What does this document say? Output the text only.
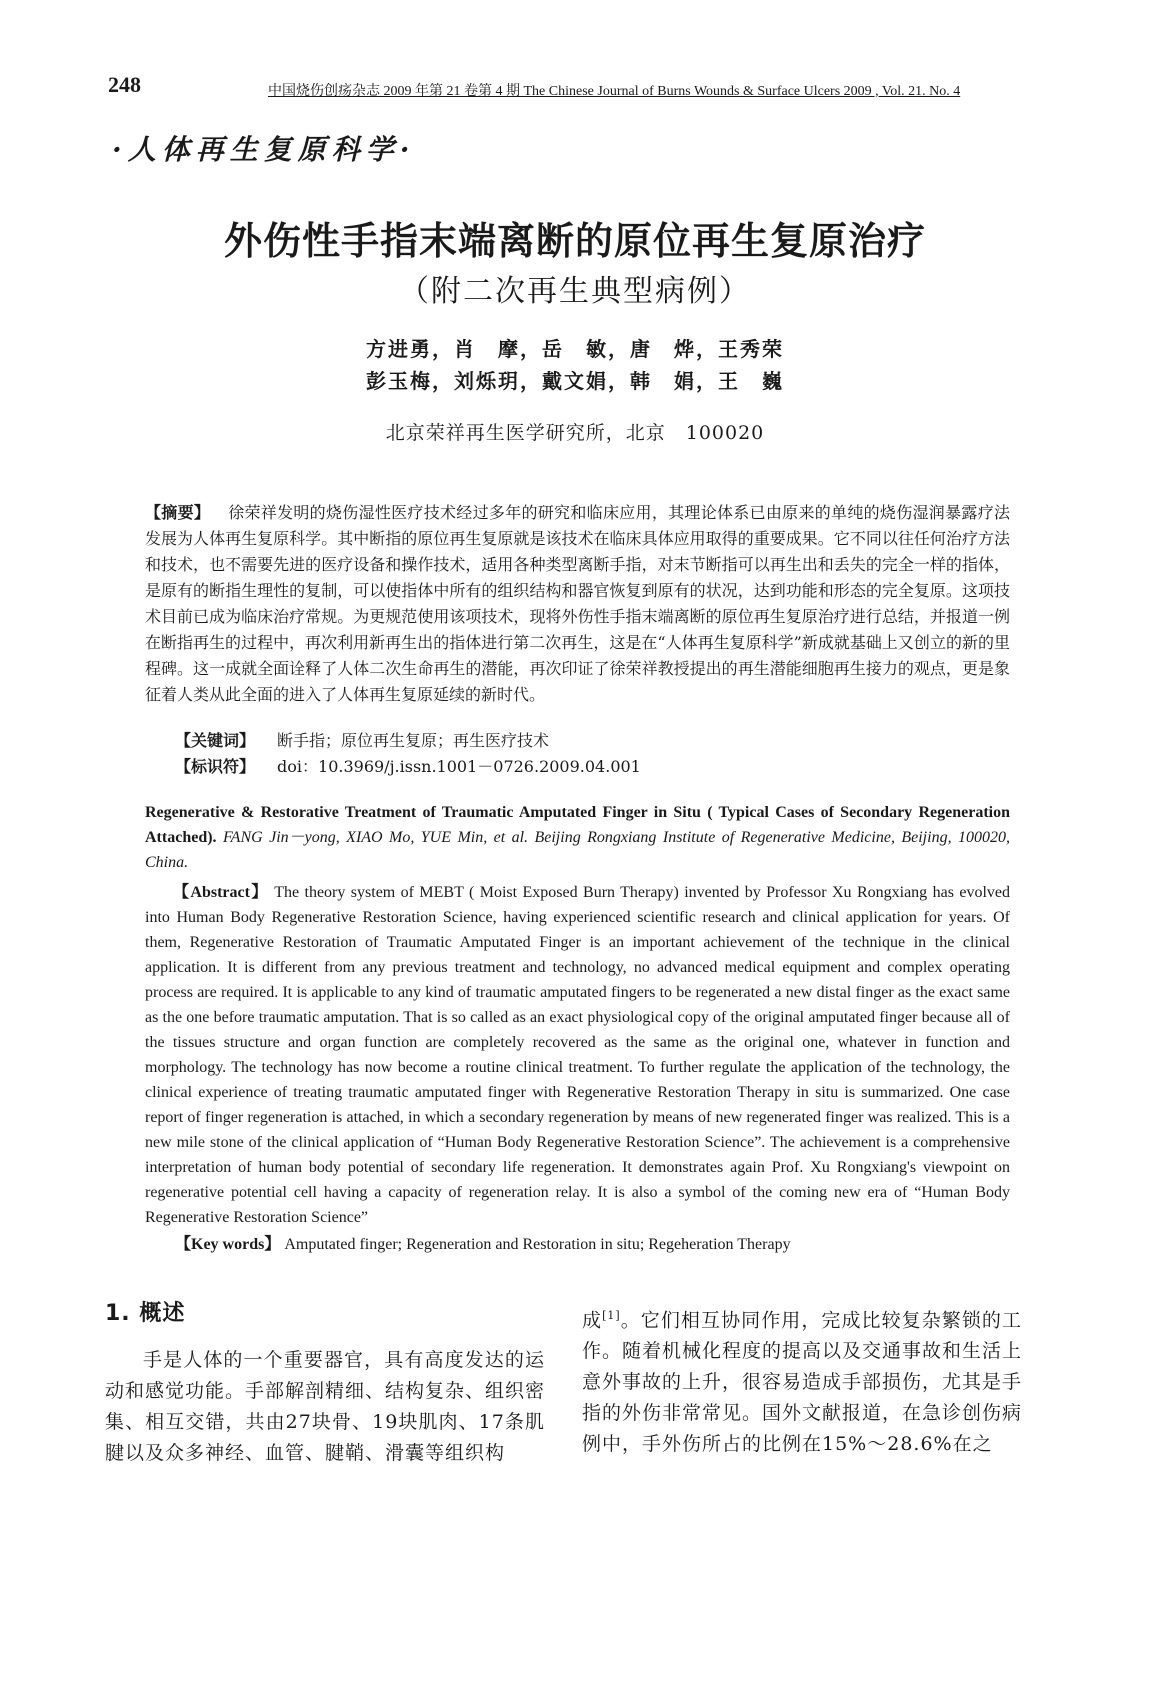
248	中国烧伤创疡杂志 2009 年第 21 卷第 4 期 The Chinese Journal of Burns Wounds & Surface Ulcers 2009 , Vol. 21. No. 4
·人体再生复原科学·
外伤性手指末端离断的原位再生复原治疗
（附二次再生典型病例）
方进勇，肖　摩，岳　敏，唐　烨，王秀荣
彭玉梅，刘烁玥，戴文娟，韩　娟，王　巍
北京荣祥再生医学研究所，北京　100020
【摘要】 徐荣祥发明的烧伤湿性医疗技术经过多年的研究和临床应用，其理论体系已由原来的单纯的烧伤湿润暴露疗法发展为人体再生复原科学。其中断指的原位再生复原就是该技术在临床具体应用取得的重要成果。它不同以往任何治疗方法和技术，也不需要先进的医疗设备和操作技术，适用各种类型离断手指，对末节断指可以再生出和丢失的完全一样的指体，是原有的断指生理性的复制，可以使指体中所有的组织结构和器官恢复到原有的状况，达到功能和形态的完全复原。这项技术目前已成为临床治疗常规。为更规范使用该项技术，现将外伤性手指末端离断的原位再生复原治疗进行总结，并报道一例在断指再生的过程中，再次利用新再生出的指体进行第二次再生，这是在“人体再生复原科学”新成就基础上又创立的新的里程碑。这一成就全面诠释了人体二次生命再生的潜能，再次印证了徐荣祥教授提出的再生潜能细胞再生接力的观点，更是象征着人类从此全面的进入了人体再生复原延续的新时代。
【关键词】 断手指；原位再生复原；再生医疗技术
【标识符】 doi：10.3969/j.issn.1001－0726.2009.04.001
Regenerative & Restorative Treatment of Traumatic Amputated Finger in Situ ( Typical Cases of Secondary Regeneration Attached). FANG Jin－yong, XIAO Mo, YUE Min, et al. Beijing Rongxiang Institute of Regenerative Medicine, Beijing, 100020, China.
【Abstract】 The theory system of MEBT ( Moist Exposed Burn Therapy) invented by Professor Xu Rongxiang has evolved into Human Body Regenerative Restoration Science, having experienced scientific research and clinical application for years. Of them, Regenerative Restoration of Traumatic Amputated Finger is an important achievement of the technique in the clinical application. It is different from any previous treatment and technology, no advanced medical equipment and complex operating process are required. It is applicable to any kind of traumatic amputated fingers to be regenerated a new distal finger as the exact same as the one before traumatic amputation. That is so called as an exact physiological copy of the original amputated finger because all of the tissues structure and organ function are completely recovered as the same as the original one, whatever in function and morphology. The technology has now become a routine clinical treatment. To further regulate the application of the technology, the clinical experience of treating traumatic amputated finger with Regenerative Restoration Therapy in situ is summarized. One case report of finger regeneration is attached, in which a secondary regeneration by means of new regenerated finger was realized. This is a new mile stone of the clinical application of “Human Body Regenerative Restoration Science”. The achievement is a comprehensive interpretation of human body potential of secondary life regeneration. It demonstrates again Prof. Xu Rongxiang's viewpoint on regenerative potential cell having a capacity of regeneration relay. It is also a symbol of the coming new era of “Human Body Regenerative Restoration Science”
【Key words】 Amputated finger; Regeneration and Restoration in situ; Regeheration Therapy
1. 概述
手是人体的一个重要器官，具有高度发达的运动和感觉功能。手部解剖精细、结构复杂、组织密集、相互交错，共由27块骨、19块肌肉、17条肌腱以及众多神经、血管、腱鞘、滑囊等组织构
成[1]。它们相互协同作用，完成比较复杂繁锁的工作。随着机械化程度的提高以及交通事故和生活上意外事故的上升，很容易造成手部损伤，尤其是手指的外伤非常常见。国外文献报道，在急诊创伤病例中，手外伤所占的比例在15%～28.6%在之
